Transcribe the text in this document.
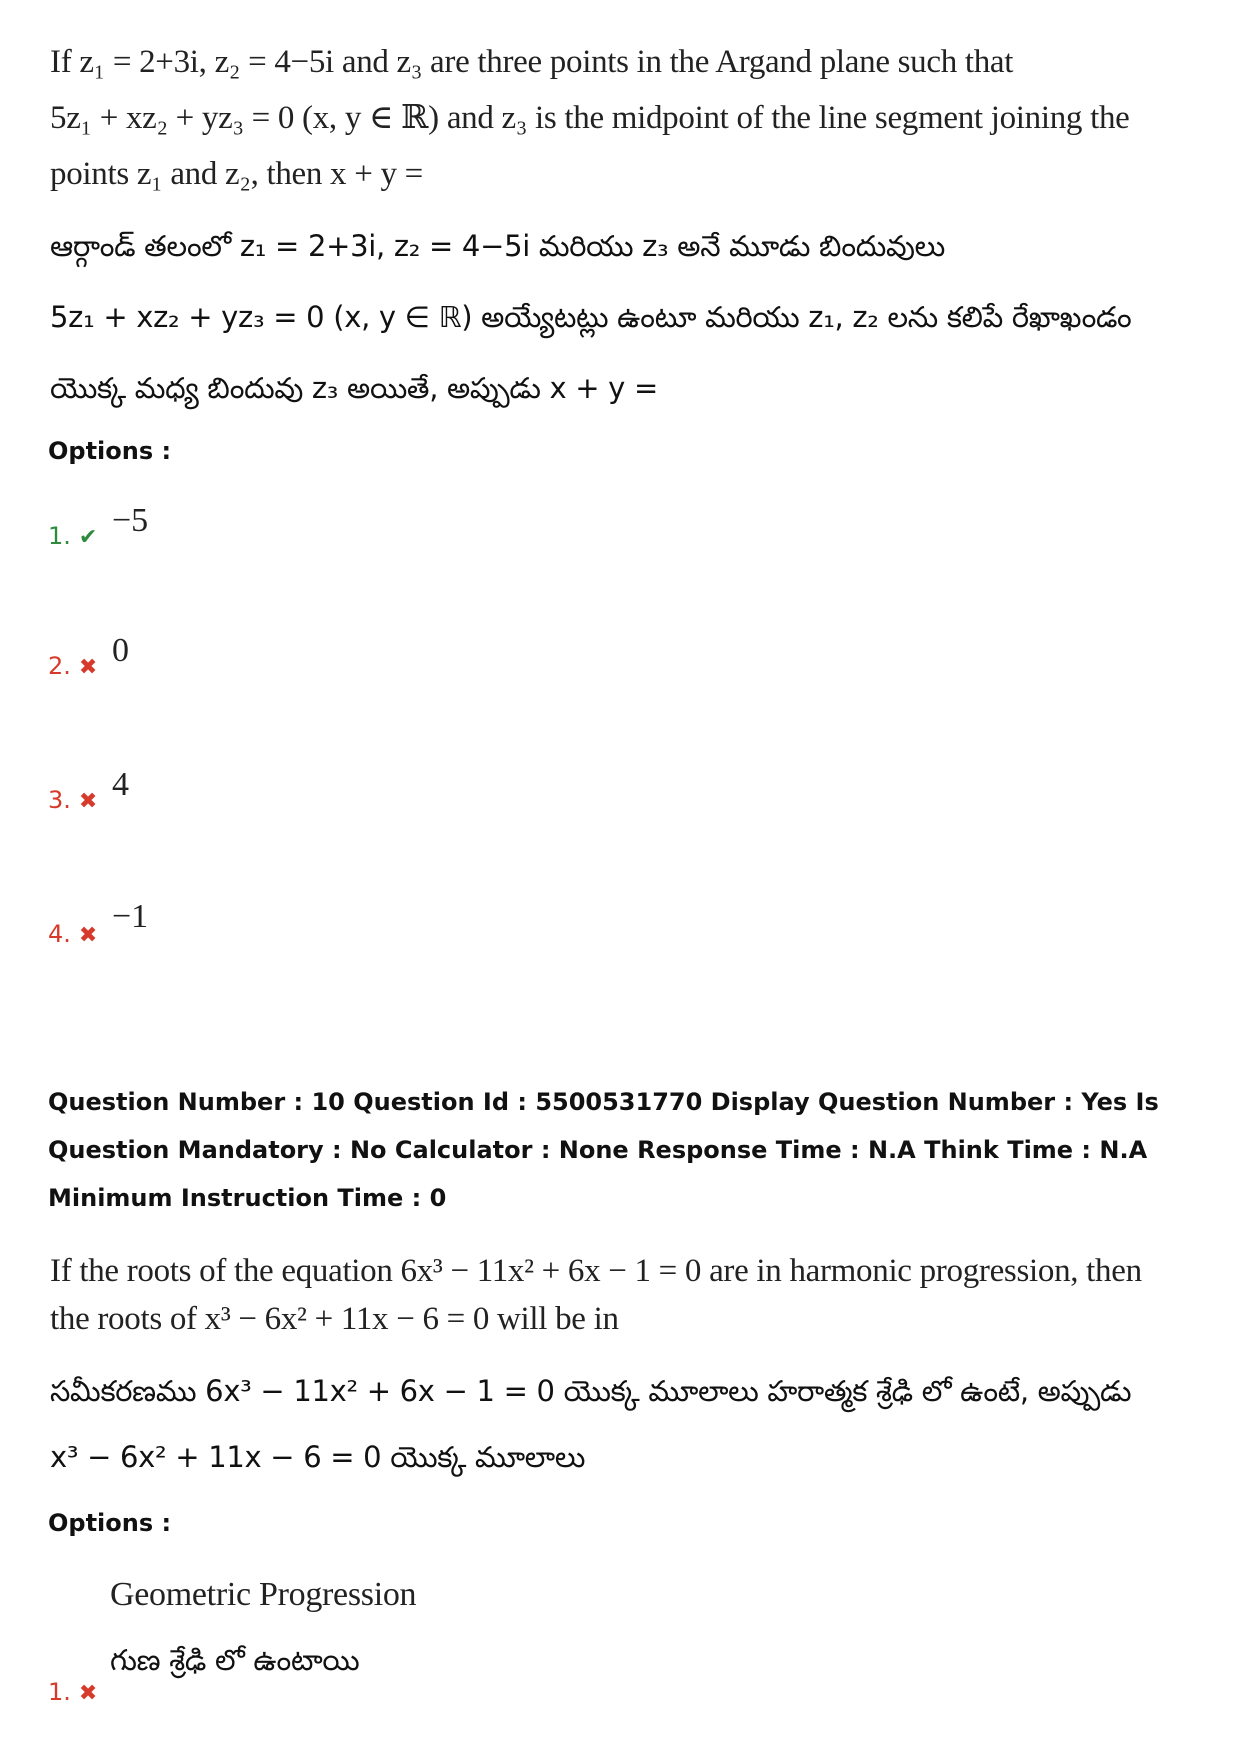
If z₁ = 2+3i, z₂ = 4−5i and z₃ are three points in the Argand plane such that
5z₁ + xz₂ + yz₃ = 0 (x, y ∈ ℝ) and z₃ is the midpoint of the line segment joining the
points z₁ and z₂, then x + y =
ఆర్గాండ్ తలంలో z₁ = 2+3i, z₂ = 4−5i మరియు z₃ అనే మూడు బిందువులు
5z₁ + xz₂ + yz₃ = 0 (x, y ∈ ℝ) అయ్యేటట్లు ఉంటూ మరియు z₁, z₂ లను కలిపే రేఖాఖండం
యొక్క మధ్య బిందువు z₃ అయితే, అప్పుడు x + y =
Options :
1. ✔ −5
2. ✖ 0
3. ✖ 4
4. ✖
−1
Question Number : 10 Question Id : 5500531770 Display Question Number : Yes Is Question Mandatory : No Calculator : None Response Time : N.A Think Time : N.A Minimum Instruction Time : 0
If the roots of the equation 6x³ − 11x² + 6x − 1 = 0 are in harmonic progression, then
the roots of x³ − 6x² + 11x − 6 = 0 will be in
సమీకరణము 6x³ − 11x² + 6x − 1 = 0 యొక్క మూలాలు హరాత్మక శ్రేఢి లో ఉంటే, అప్పుడు
x³ − 6x² + 11x − 6 = 0 యొక్క మూలాలు
Options :
Geometric Progression
గుణ శ్రేఢి లో ఉంటాయి
1. ✖
